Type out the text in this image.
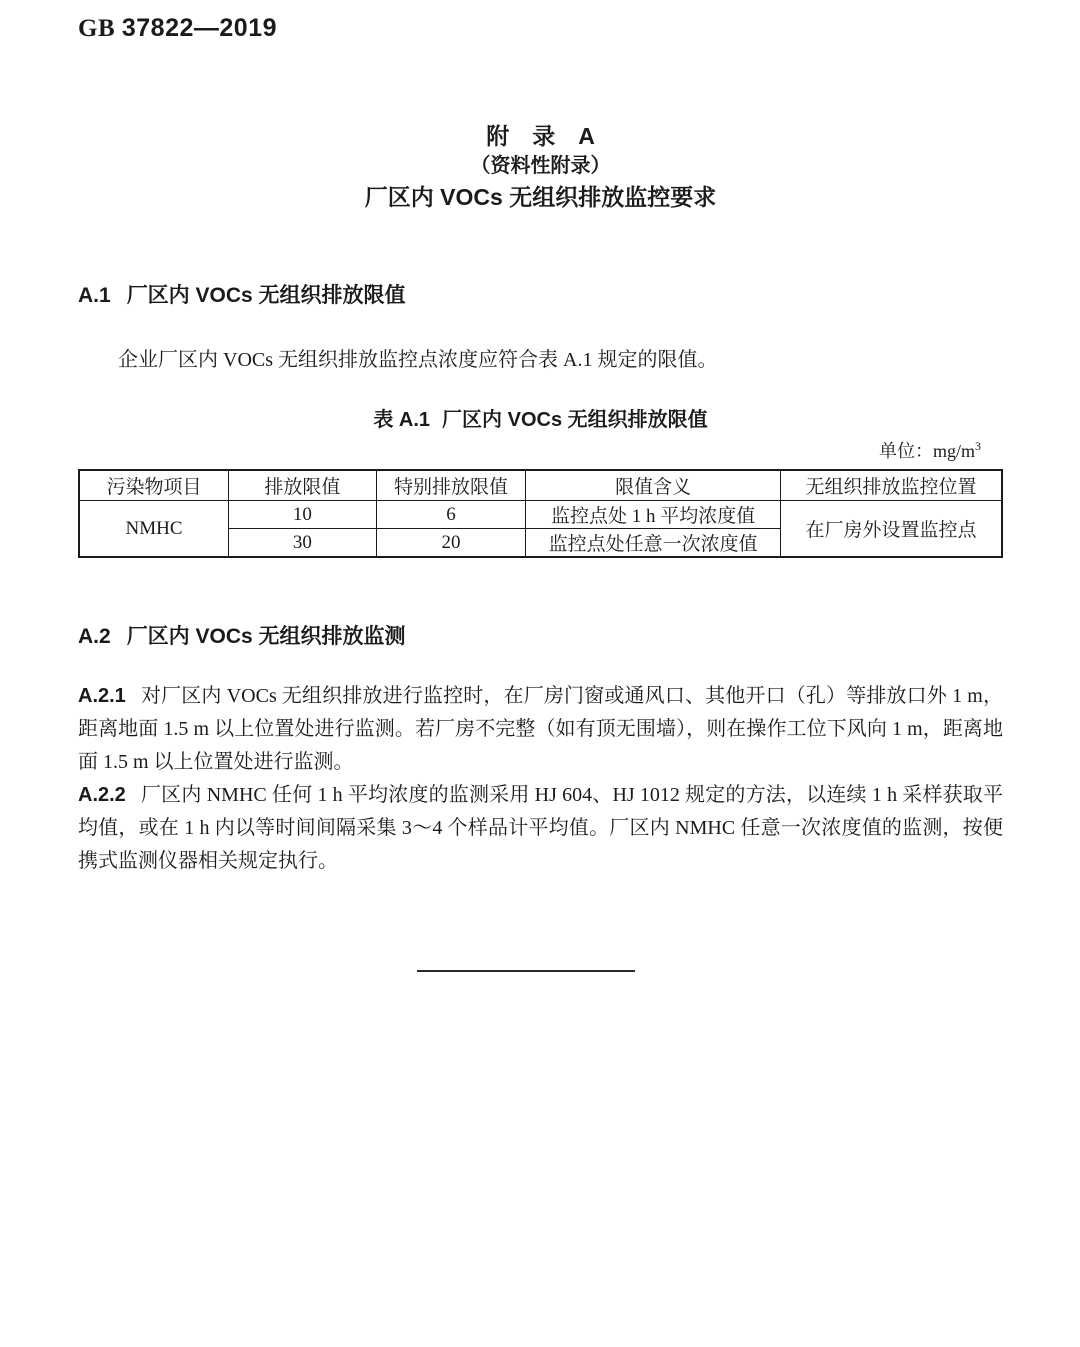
GB 37822—2019
附　录　A
（资料性附录）
厂区内 VOCs 无组织排放监控要求
A.1 厂区内 VOCs 无组织排放限值

企业厂区内 VOCs 无组织排放监控点浓度应符合表 A.1 规定的限值。

表 A.1 厂区内 VOCs 无组织排放限值
单位：$mg/m^3$
污染物项目	排放限值	特别排放限值	限值含义	无组织排放监控位置
NMHC	10	6	监控点处 1 h 平均浓度值	在厂房外设置监控点
	30	20	监控点处任意一次浓度值	
A.2 厂区内 VOCs 无组织排放监测

A.2.1 对厂区内 VOCs 无组织排放进行监控时，在厂房门窗或通风口、其他开口（孔）等排放口外 1 m，距离地面 1.5 m 以上位置处进行监测。若厂房不完整（如有顶无围墙），则在操作工位下风向 1 m，距离地面 1.5 m 以上位置处进行监测。

A.2.2 厂区内 NMHC 任何 1 h 平均浓度的监测采用 HJ 604、HJ 1012 规定的方法，以连续 1 h 采样获取平均值，或在 1 h 内以等时间间隔采集 3～4 个样品计平均值。厂区内 NMHC 任意一次浓度值的监测，按便携式监测仪器相关规定执行。
